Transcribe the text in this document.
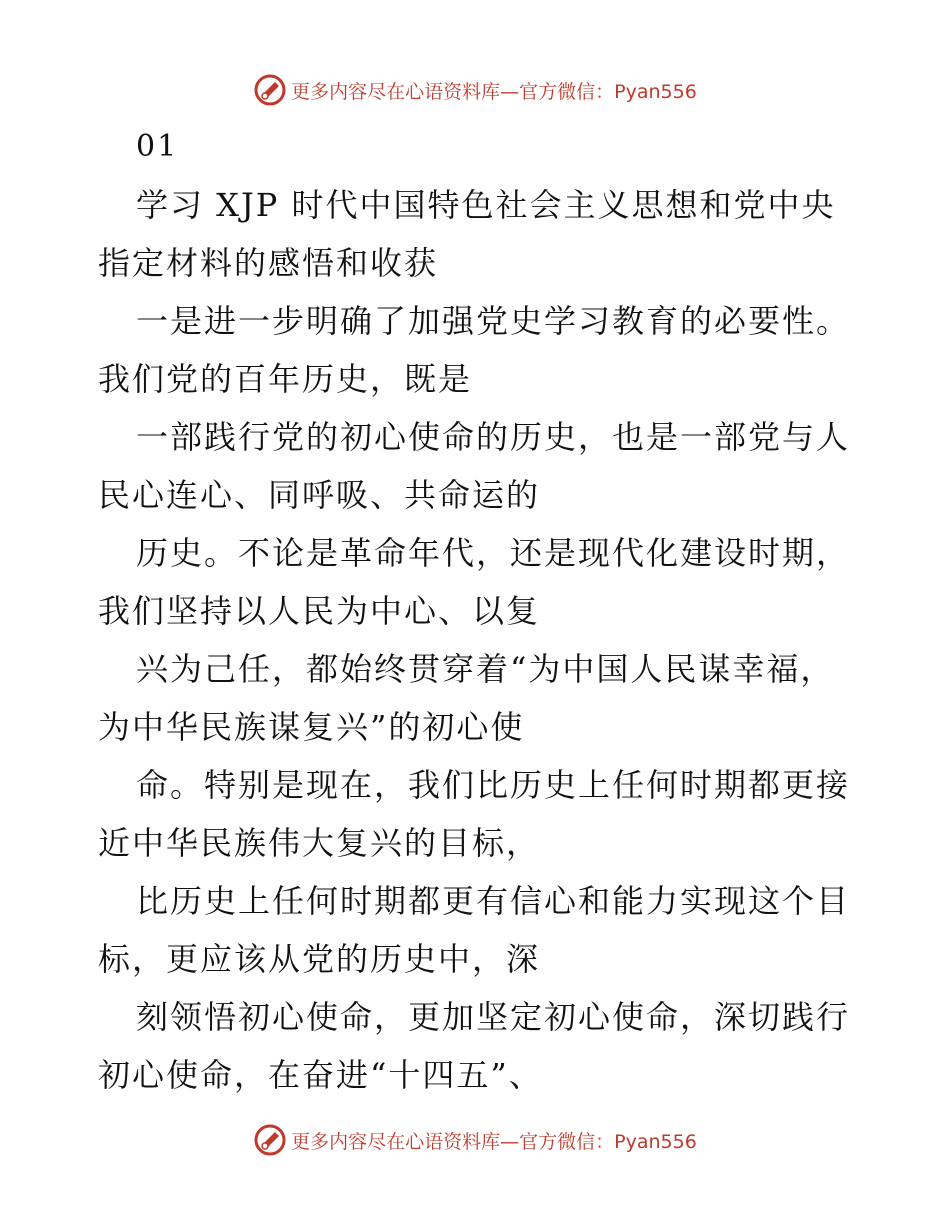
更多内容尽在心语资料库—官方微信：Pyan556
01
学习 XJP 时代中国特色社会主义思想和党中央
指定材料的感悟和收获
一是进一步明确了加强党史学习教育的必要性。
我们党的百年历史，既是
一部践行党的初心使命的历史，也是一部党与人
民心连心、同呼吸、共命运的
历史。不论是革命年代，还是现代化建设时期，
我们坚持以人民为中心、以复
兴为己任，都始终贯穿着“为中国人民谋幸福，
为中华民族谋复兴”的初心使
命。特别是现在，我们比历史上任何时期都更接
近中华民族伟大复兴的目标，
比历史上任何时期都更有信心和能力实现这个目
标，更应该从党的历史中，深
刻领悟初心使命，更加坚定初心使命，深切践行
初心使命，在奋进“十四五”、
更多内容尽在心语资料库—官方微信：Pyan556
